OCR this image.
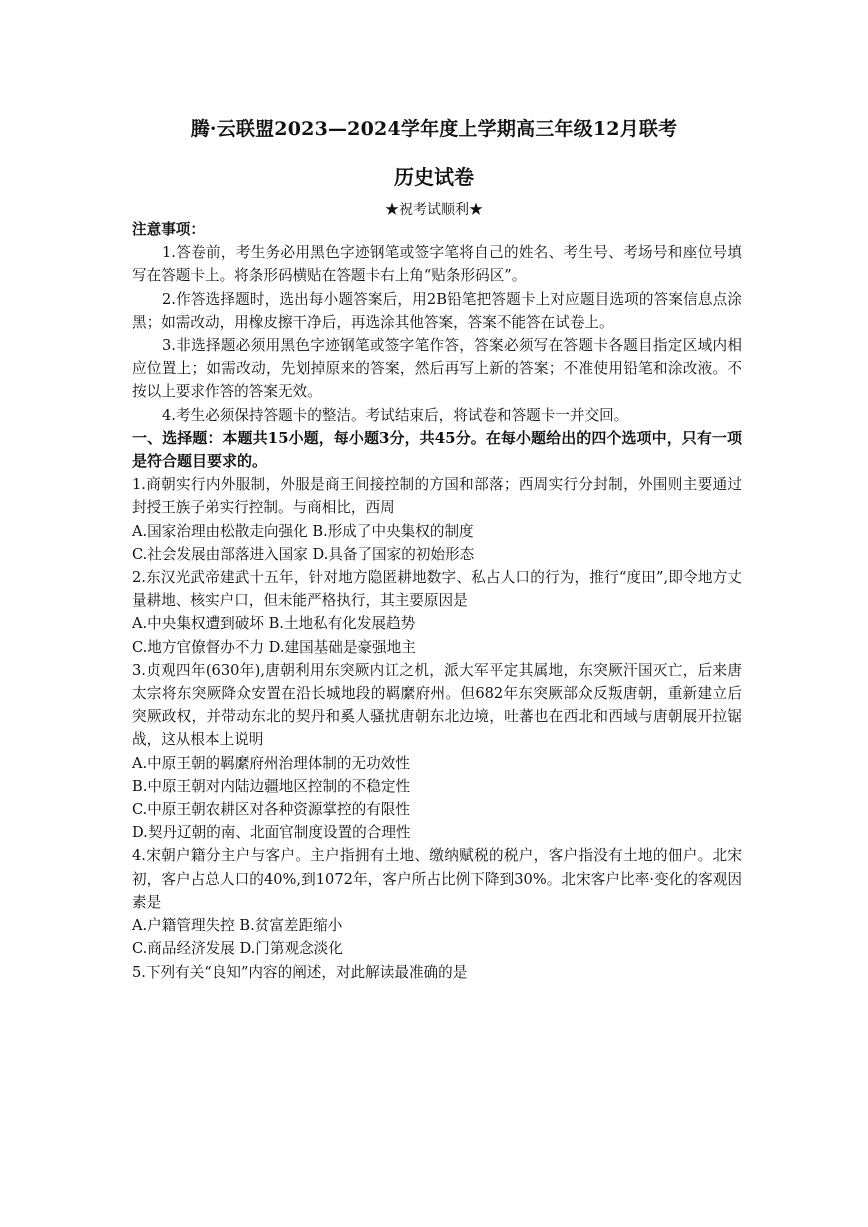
腾·云联盟2023—2024学年度上学期高三年级12月联考
历史试卷
★祝考试顺利★

注意事项：

1.答卷前，考生务必用黑色字迹钢笔或签字笔将自己的姓名、考生号、考场号和座位号填写在答题卡上。将条形码横贴在答题卡右上角“贴条形码区”。

2.作答选择题时，选出每小题答案后，用2B铅笔把答题卡上对应题目选项的答案信息点涂黑；如需改动，用橡皮擦干净后，再选涂其他答案，答案不能答在试卷上。

3.非选择题必须用黑色字迹钢笔或签字笔作答，答案必须写在答题卡各题目指定区域内相应位置上；如需改动，先划掉原来的答案，然后再写上新的答案；不准使用铅笔和涂改液。不按以上要求作答的答案无效。

4.考生必须保持答题卡的整洁。考试结束后，将试卷和答题卡一并交回。

一、选择题：本题共15小题，每小题3分，共45分。在每小题给出的四个选项中，只有一项是符合题目要求的。

1.商朝实行内外服制，外服是商王间接控制的方国和部落；西周实行分封制，外围则主要通过封授王族子弟实行控制。与商相比，西周

A.国家治理由松散走向强化 B.形成了中央集权的制度

C.社会发展由部落进入国家 D.具备了国家的初始形态

2.东汉光武帝建武十五年，针对地方隐匿耕地数字、私占人口的行为，推行“度田”,即令地方丈量耕地、核实户口，但未能严格执行，其主要原因是

A.中央集权遭到破坏 B.土地私有化发展趋势

C.地方官僚督办不力 D.建国基础是豪强地主

3.贞观四年(630年),唐朝利用东突厥内讧之机，派大军平定其属地，东突厥汗国灭亡，后来唐太宗将东突厥降众安置在沿长城地段的羁縻府州。但682年东突厥部众反叛唐朝，重新建立后突厥政权，并带动东北的契丹和奚人骚扰唐朝东北边境，吐蕃也在西北和西域与唐朝展开拉锯战，这从根本上说明

A.中原王朝的羁縻府州治理体制的无功效性

B.中原王朝对内陆边疆地区控制的不稳定性

C.中原王朝农耕区对各种资源掌控的有限性

D.契丹辽朝的南、北面官制度设置的合理性

4.宋朝户籍分主户与客户。主户指拥有土地、缴纳赋税的税户，客户指没有土地的佃户。北宋初，客户占总人口的40%,到1072年，客户所占比例下降到30%。北宋客户比率·变化的客观因素是

A.户籍管理失控 B.贫富差距缩小

C.商品经济发展 D.门第观念淡化

5.下列有关“良知”内容的阐述，对此解读最准确的是
